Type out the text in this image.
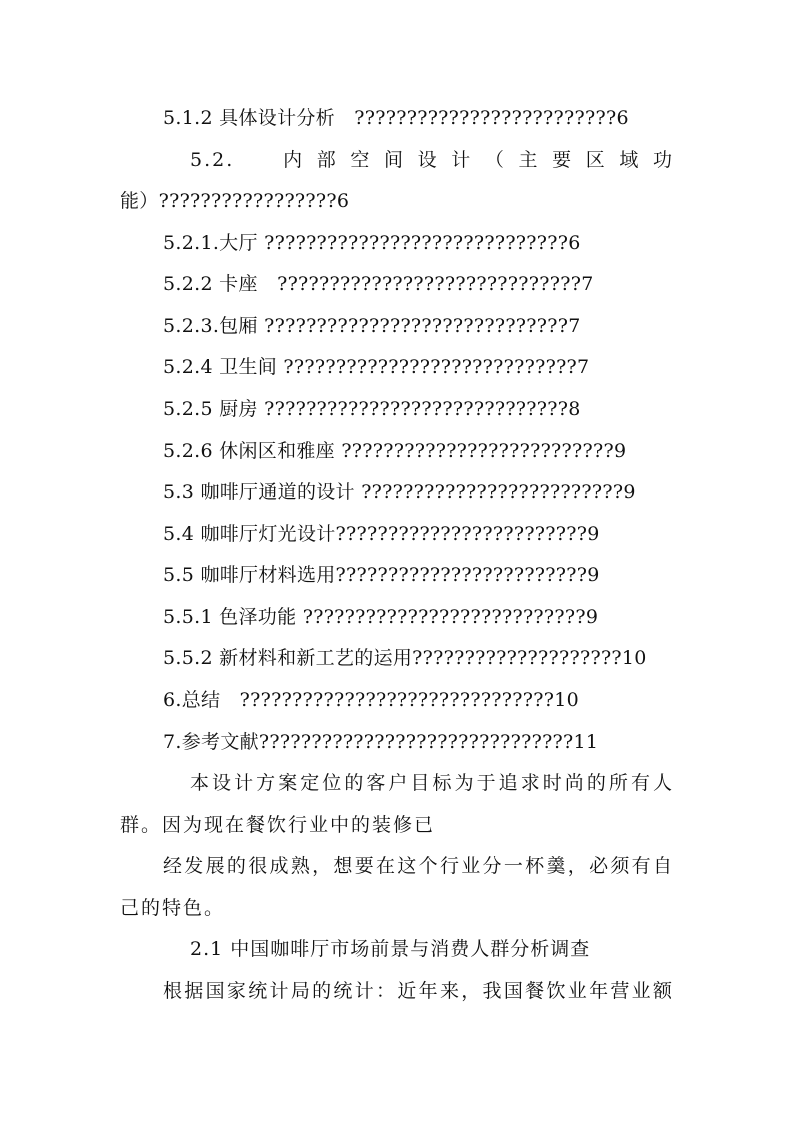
5.1.2 具体设计分析　?????????????????????????6
5.2.　　内 部 空 间 设 计 （ 主 要 区 域 功
能）?????????????????6
5.2.1.大厅 ?????????????????????????????6
5.2.2 卡座　?????????????????????????????7
5.2.3.包厢 ?????????????????????????????7
5.2.4 卫生间 ????????????????????????????7
5.2.5 厨房 ?????????????????????????????8
5.2.6 休闲区和雅座 ??????????????????????????9
5.3 咖啡厅通道的设计 ?????????????????????????9
5.4 咖啡厅灯光设计????????????????????????9
5.5 咖啡厅材料选用????????????????????????9
5.5.1 色泽功能 ???????????????????????????9
5.5.2 新材料和新工艺的运用????????????????????10
6.总结　??????????????????????????????10
7.参考文献??????????????????????????????11
本设计方案定位的客户目标为于追求时尚的所有人
群。因为现在餐饮行业中的装修已
经发展的很成熟，想要在这个行业分一杯羹，必须有自
己的特色。
2.1 中国咖啡厅市场前景与消费人群分析调查
根据国家统计局的统计：近年来，我国餐饮业年营业额
